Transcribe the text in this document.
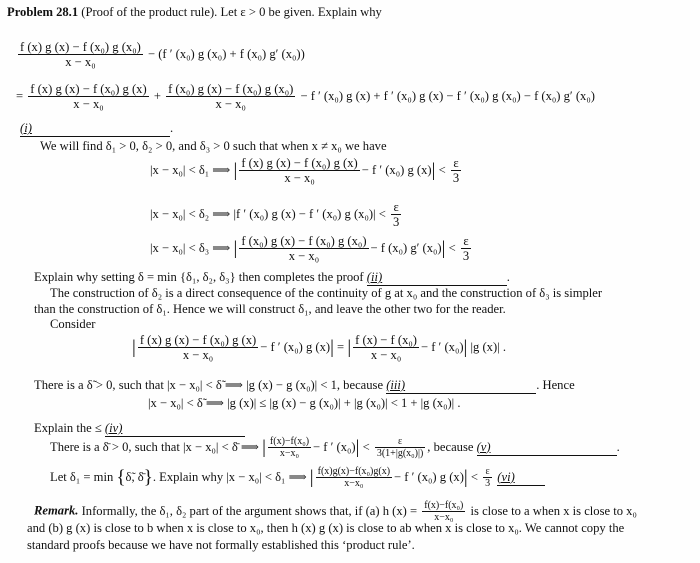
Problem 28.1 (Proof of the product rule). Let ε > 0 be given. Explain why
$\frac{\text{f (x) g (x) − f (x₀) g (x₀)}}{\text{x − x₀}} - (f$ ′ (x₀) g (x₀) + f (x₀) g′ (x₀))
= $\frac{\text{f (x) g (x) − f (x₀) g (x)}}{\text{x − x₀}} + \frac{\text{f (x₀) g (x) − f (x₀) g (x₀)}}{\text{x − x₀}} - f$ ′ (x₀) g (x) + f ′ (x₀) g (x) − f ′ (x₀) g (x₀) − f (x₀) g′ (x₀)
(i)	.
We will find δ₁ > 0, δ₂ > 0, and δ₃ > 0 such that when x ≠ x₀ we have
|x − x₀| < δ₁ ⟹ | $\frac{\text{f (x) g (x) − f (x₀) g (x)}}{\text{x − x₀}} - f$ ′ (x₀) g $(x)| < \frac{\varepsilon}{3}$
|x − x₀| < δ₂ ⟹ |f ′ (x₀) g (x) − f ′ (x₀) g $(x_0)| < \frac{\varepsilon}{3}$
|x − x₀| < δ₃ ⟹ | $\frac{\text{f (x₀) g (x) − f (x₀) g (x₀)}}{\text{x − x₀}} - f$ (x₀) g′ $(x_0)| < \frac{\varepsilon}{3}$
Explain why setting δ = min {δ₁, δ₂, δ₃} then completes the proof (ii)	.
The construction of δ₂ is a direct consequence of the continuity of g at x₀ and the construction of δ₃ is simpler
than the construction of δ₁. Hence we will construct δ₁, and leave the other two for the reader.
Consider
| $\frac{\text{f (x) g (x) − f (x₀) g (x)}}{\text{x − x₀}} - f$ ′ (x₀) g (x)| = | $\frac{\text{f (x) − f (x₀)}}{\text{x − x₀}} - f$ ′ (x₀)| |g (x)| .
There is a δ̃ > 0, such that |x − x₀| < δ̃ ⟹ |g (x) − g (x₀)| < 1, because (iii)	. Hence
|x − x₀| < δ̃ ⟹ |g (x)| ≤ |g (x) − g (x₀)| + |g (x₀)| < 1 + |g (x₀)| .
Explain the ≤ (iv)
There is a δ̄ > 0, such that |x − x₀| < δ̄ ⟹ | $\frac{\text{f(x)−f(x₀)}}{\text{x−x₀}} - f$ ′ $(x_0)| < \frac{\varepsilon}{\text{3(1+|g(x₀)|)}}$ , because (v)	.
Let δ₁ = min {δ̃, δ̄}. Explain why |x − x₀| < δ₁ ⟹ | $\frac{\text{f(x)g(x)−f(x₀)g(x)}}{\text{x−x₀}} - f$ ′ (x₀) g $(x)| < \frac{\varepsilon}{3} (vi)$
Remark. Informally, the δ₁, δ₂ part of the argument shows that, if (a) h $(x) = \frac{\text{f(x)−f(x₀)}}{\text{x−x₀}}$ is close to a when x is close to x₀
and (b) g (x) is close to b when x is close to x₀, then h (x) g (x) is close to ab when x is close to x₀. We cannot copy the
standard proofs because we have not formally established this ‘product rule’.
